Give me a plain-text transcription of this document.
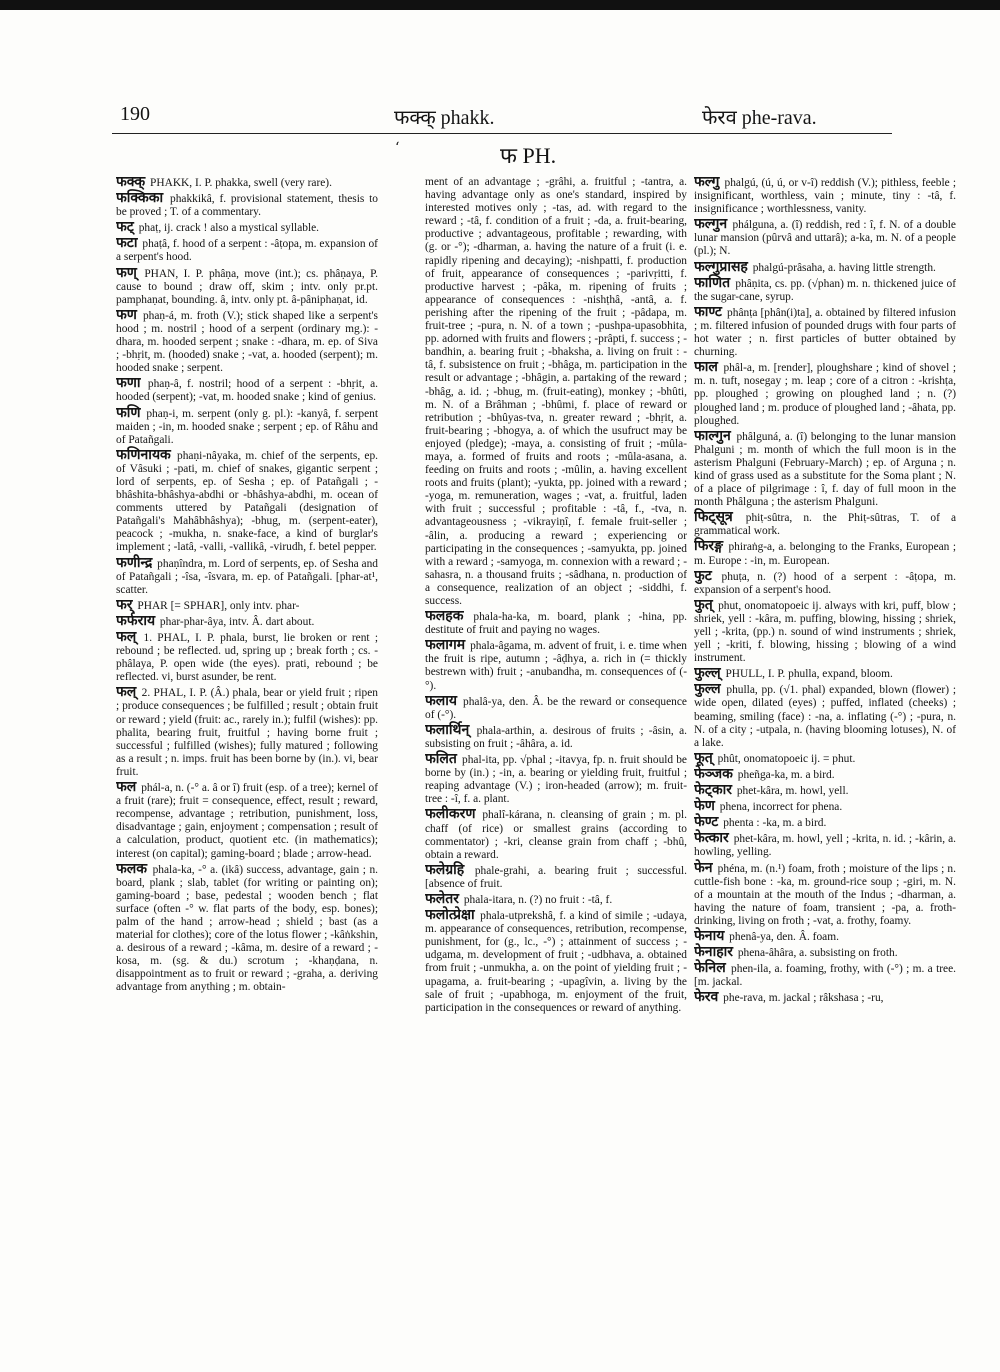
190	फक्क् phakk.	फेरव phe-rava.
ʻ	फ PH.
फक्क् PHAKK, I. P. phakka, swell (very rare).
फक्किका phakkikâ, f. provisional statement, thesis to be proved ; T. of a commentary.
फट् phaṭ, ij. crack ! also a mystical syllable.
फटा phaṭâ, f. hood of a serpent : -âṭopa, m. expansion of a serpent's hood.
फण् PHAN, I. P. phâṇa, move (int.); cs. phâṇaya, P. cause to bound ; draw off, skim ; intv. only pr.pt. pamphaṇat, bounding. â, intv. only pt. â-pâniphaṇat, id.
फण phaṇ-á, m. froth (V.); stick shaped like a serpent's hood ; m. nostril ; hood of a serpent (ordinary mg.): -dhara, m. hooded serpent ; snake : -dhara, m. ep. of Siva ; -bhṛit, m. (hooded) snake ; -vat, a. hooded (serpent); m. hooded snake ; serpent.
फणा phaṇ-â, f. nostril; hood of a serpent : -bhṛit, a. hooded (serpent); -vat, m. hooded snake ; kind of genius.
फणि phaṇ-i, m. serpent (only g. pl.): -kanyâ, f. serpent maiden ; -in, m. hooded snake ; serpent ; ep. of Râhu and of Patañgali.
फणिनायक phaṇi-nâyaka, m. chief of the serpents, ep. of Vâsuki ; -pati, m. chief of snakes, gigantic serpent ; lord of serpents, ep. of Sesha ; ep. of Patañgali ; -bhâshita-bhâshya-abdhi or -bhâshya-abdhi, m. ocean of comments uttered by Patañgali (designation of Patañgali's Mahâbhâshya); -bhug, m. (serpent-eater), peacock ; -mukha, n. snake-face, a kind of burglar's implement ; -latâ, -valli, -vallikâ, -virudh, f. betel pepper.
फणीन्द्र phaṇîndra, m. Lord of serpents, ep. of Sesha and of Patañgali ; -îsa, -îsvara, m. ep. of Patañgali. [phar-at¹, scatter.
फर् PHAR [= SPHAR], only intv. phar-
फर्फराय phar-phar-âya, intv. Â. dart about.
फल् 1. PHAL, I. P. phala, burst, lie broken or rent ; rebound ; be reflected. ud, spring up ; break forth ; cs. -phâlaya, P. open wide (the eyes). prati, rebound ; be reflected. vi, burst asunder, be rent.
फल् 2. PHAL, I. P. (Â.) phala, bear or yield fruit ; ripen ; produce consequences ; be fulfilled ; result ; obtain fruit or reward ; yield (fruit: ac., rarely in.); fulfil (wishes): pp. phalita, bearing fruit, fruitful ; having borne fruit ; successful ; fulfilled (wishes); fully matured ; following as a result ; n. imps. fruit has been borne by (in.). vi, bear fruit.
फल phál-a, n. (-° a. â or î) fruit (esp. of a tree); kernel of a fruit (rare); fruit = consequence, effect, result ; reward, recompense, advantage ; retribution, punishment, loss, disadvantage ; gain, enjoyment ; compensation ; result of a calculation, product, quotient etc. (in mathematics); interest (on capital); gaming-board ; blade ; arrow-head.
फलक phala-ka, -° a. (ikâ) success, advantage, gain ; n. board, plank ; slab, tablet (for writing or painting on); gaming-board ; base, pedestal ; wooden bench ; flat surface (often -° w. flat parts of the body, esp. bones); palm of the hand ; arrow-head ; shield ; bast (as a material for clothes); core of the lotus flower ; -kâṅkshin, a. desirous of a reward ; -kâma, m. desire of a reward ; -kosa, m. (sg. & du.) scrotum ; -khaṇḍana, n. disappointment as to fruit or reward ; -graha, a. deriving advantage from anything ; m. obtain-
ment of an advantage ; -grâhi, a. fruitful ; -tantra, a. having advantage only as one's standard, inspired by interested motives only ; -tas, ad. with regard to the reward ; -tâ, f. condition of a fruit ; -da, a. fruit-bearing, productive ; advantageous, profitable ; rewarding, with (g. or -°); -dharman, a. having the nature of a fruit (i. e. rapidly ripening and decaying); -nishpatti, f. production of fruit, appearance of consequences ; -parivṛitti, f. productive harvest ; -pâka, m. ripening of fruits ; appearance of consequences : -nishṭhâ, -antâ, a. f. perishing after the ripening of the fruit ; -pâdapa, m. fruit-tree ; -pura, n. N. of a town ; -pushpa-upasobhita, pp. adorned with fruits and flowers ; -prâpti, f. success ; -bandhin, a. bearing fruit ; -bhaksha, a. living on fruit : -tâ, f. subsistence on fruit ; -bhâga, m. participation in the result or advantage ; -bhâgin, a. partaking of the reward ; -bhâg, a. id. ; -bhug, m. (fruit-eating), monkey ; -bhûti, m. N. of a Brâhman ; -bhûmi, f. place of reward or retribution ; -bhûyas-tva, n. greater reward ; -bhṛit, a. fruit-bearing ; -bhogya, a. of which the usufruct may be enjoyed (pledge); -maya, a. consisting of fruit ; -mûla-maya, a. formed of fruits and roots ; -mûla-asana, a. feeding on fruits and roots ; -mûlin, a. having excellent roots and fruits (plant); -yukta, pp. joined with a reward ; -yoga, m. remuneration, wages ; -vat, a. fruitful, laden with fruit ; successful ; profitable : -tâ, f., -tva, n. advantageousness ; -vikrayiṇî, f. female fruit-seller ; -âlin, a. producing a reward ; experiencing or participating in the consequences ; -samyukta, pp. joined with a reward ; -samyoga, m. connexion with a reward ; -sahasra, n. a thousand fruits ; -sâdhana, n. production of a consequence, realization of an object ; -siddhi, f. success.
फलहक phala-ha-ka, m. board, plank ; -hina, pp. destitute of fruit and paying no wages.
फलागम phala-âgama, m. advent of fruit, i. e. time when the fruit is ripe, autumn ; -âḍhya, a. rich in (= thickly bestrewn with) fruit ; -anubandha, m. consequences of (-°).
फलाय phalâ-ya, den. Â. be the reward or consequence of (-°).
फलार्थिन् phala-arthin, a. desirous of fruits ; -âsin, a. subsisting on fruit ; -âhâra, a. id.
फलित phal-ita, pp. √phal ; -itavya, fp. n. fruit should be borne by (in.) ; -in, a. bearing or yielding fruit, fruitful ; reaping advantage (V.) ; iron-headed (arrow); m. fruit-tree : -î, f. a. plant.
फलीकरण phalî-kárana, n. cleansing of grain ; m. pl. chaff (of rice) or smallest grains (according to commentator) ; -kri, cleanse grain from chaff ; -bhû, obtain a reward.
फलेग्रहि phale-grahi, a. bearing fruit ; successful. [absence of fruit.
फलेतर phala-itara, n. (?) no fruit : -tâ, f.
फलोत्प्रेक्षा phala-utprekshâ, f. a kind of simile ; -udaya, m. appearance of consequences, retribution, recompense, punishment, for (g., lc., -°) ; attainment of success ; -udgama, m. development of fruit ; -udbhava, a. obtained from fruit ; -unmukha, a. on the point of yielding fruit ; -upagama, a. fruit-bearing ; -upagîvin, a. living by the sale of fruit ; -upabhoga, m. enjoyment of the fruit, participation in the consequences or reward of anything.
फल्गु phalgú, (ú, ú, or v-î) reddish (V.); pithless, feeble ; insignificant, worthless, vain ; minute, tiny : -tâ, f. insignificance ; worthlessness, vanity.
फल्गुन phálguna, a. (î) reddish, red : î, f. N. of a double lunar mansion (pûrvâ and uttarâ); a-ka, m. N. of a people (pl.); N.
फल्गुप्रासह phalgú-prâsaha, a. having little strength.
फाणित phâṇita, cs. pp. (√phan) m. n. thickened juice of the sugar-cane, syrup.
फाण्ट phânṭa [phân(i)ta], a. obtained by filtered infusion ; m. filtered infusion of pounded drugs with four parts of hot water ; n. first particles of butter obtained by churning.
फाल phâl-a, m. [render], ploughshare ; kind of shovel ; m. n. tuft, nosegay ; m. leap ; core of a citron : -krishṭa, pp. ploughed ; growing on ploughed land ; n. (?) ploughed land ; m. produce of ploughed land ; -âhata, pp. ploughed.
फाल्गुन phâlguná, a. (î) belonging to the lunar mansion Phalguni ; m. month of which the full moon is in the asterism Phalguni (February-March) ; ep. of Arguna ; n. kind of grass used as a substitute for the Soma plant ; N. of a place of pilgrimage : î, f. day of full moon in the month Phâlguna ; the asterism Phalguni.
फिट्सूत्र phiṭ-sûtra, n. the Phiṭ-sûtras, T. of a grammatical work.
फिरङ्ग phiraṅg-a, a. belonging to the Franks, European ; m. Europe : -in, m. European.
फुट phuṭa, n. (?) hood of a serpent : -âṭopa, m. expansion of a serpent's hood.
फुत् phut, onomatopoeic ij. always with kri, puff, blow ; shriek, yell : -kâra, m. puffing, blowing, hissing ; shriek, yell ; -krita, (pp.) n. sound of wind instruments ; shriek, yell ; -kriti, f. blowing, hissing ; blowing of a wind instrument.
फुल्ल् PHULL, I. P. phulla, expand, bloom.
फुल्ल phulla, pp. (√1. phal) expanded, blown (flower) ; wide open, dilated (eyes) ; puffed, inflated (cheeks) ; beaming, smiling (face) : -na, a. inflating (-°) ; -pura, n. N. of a city ; -utpala, n. (having blooming lotuses), N. of a lake.
फूत् phût, onomatopoeic ij. = phut.
फेञ्जक pheñga-ka, m. a bird.
फेट्कार phet-kâra, m. howl, yell.
फेण phena, incorrect for phena.
फेण्ट phenta : -ka, m. a bird.
फेत्कार phet-kâra, m. howl, yell ; -krita, n. id. ; -kârin, a. howling, yelling.
फेन phéna, m. (n.¹) foam, froth ; moisture of the lips ; n. cuttle-fish bone : -ka, m. ground-rice soup ; -giri, m. N. of a mountain at the mouth of the Indus ; -dharman, a. having the nature of foam, transient ; -pa, a. froth-drinking, living on froth ; -vat, a. frothy, foamy.
फेनाय phenâ-ya, den. Â. foam.
फेनाहार phena-âhâra, a. subsisting on froth.
फेनिल phen-ila, a. foaming, frothy, with (-°) ; m. a tree. [m. jackal.
फेरव phe-rava, m. jackal ; râkshasa ; -ru,
